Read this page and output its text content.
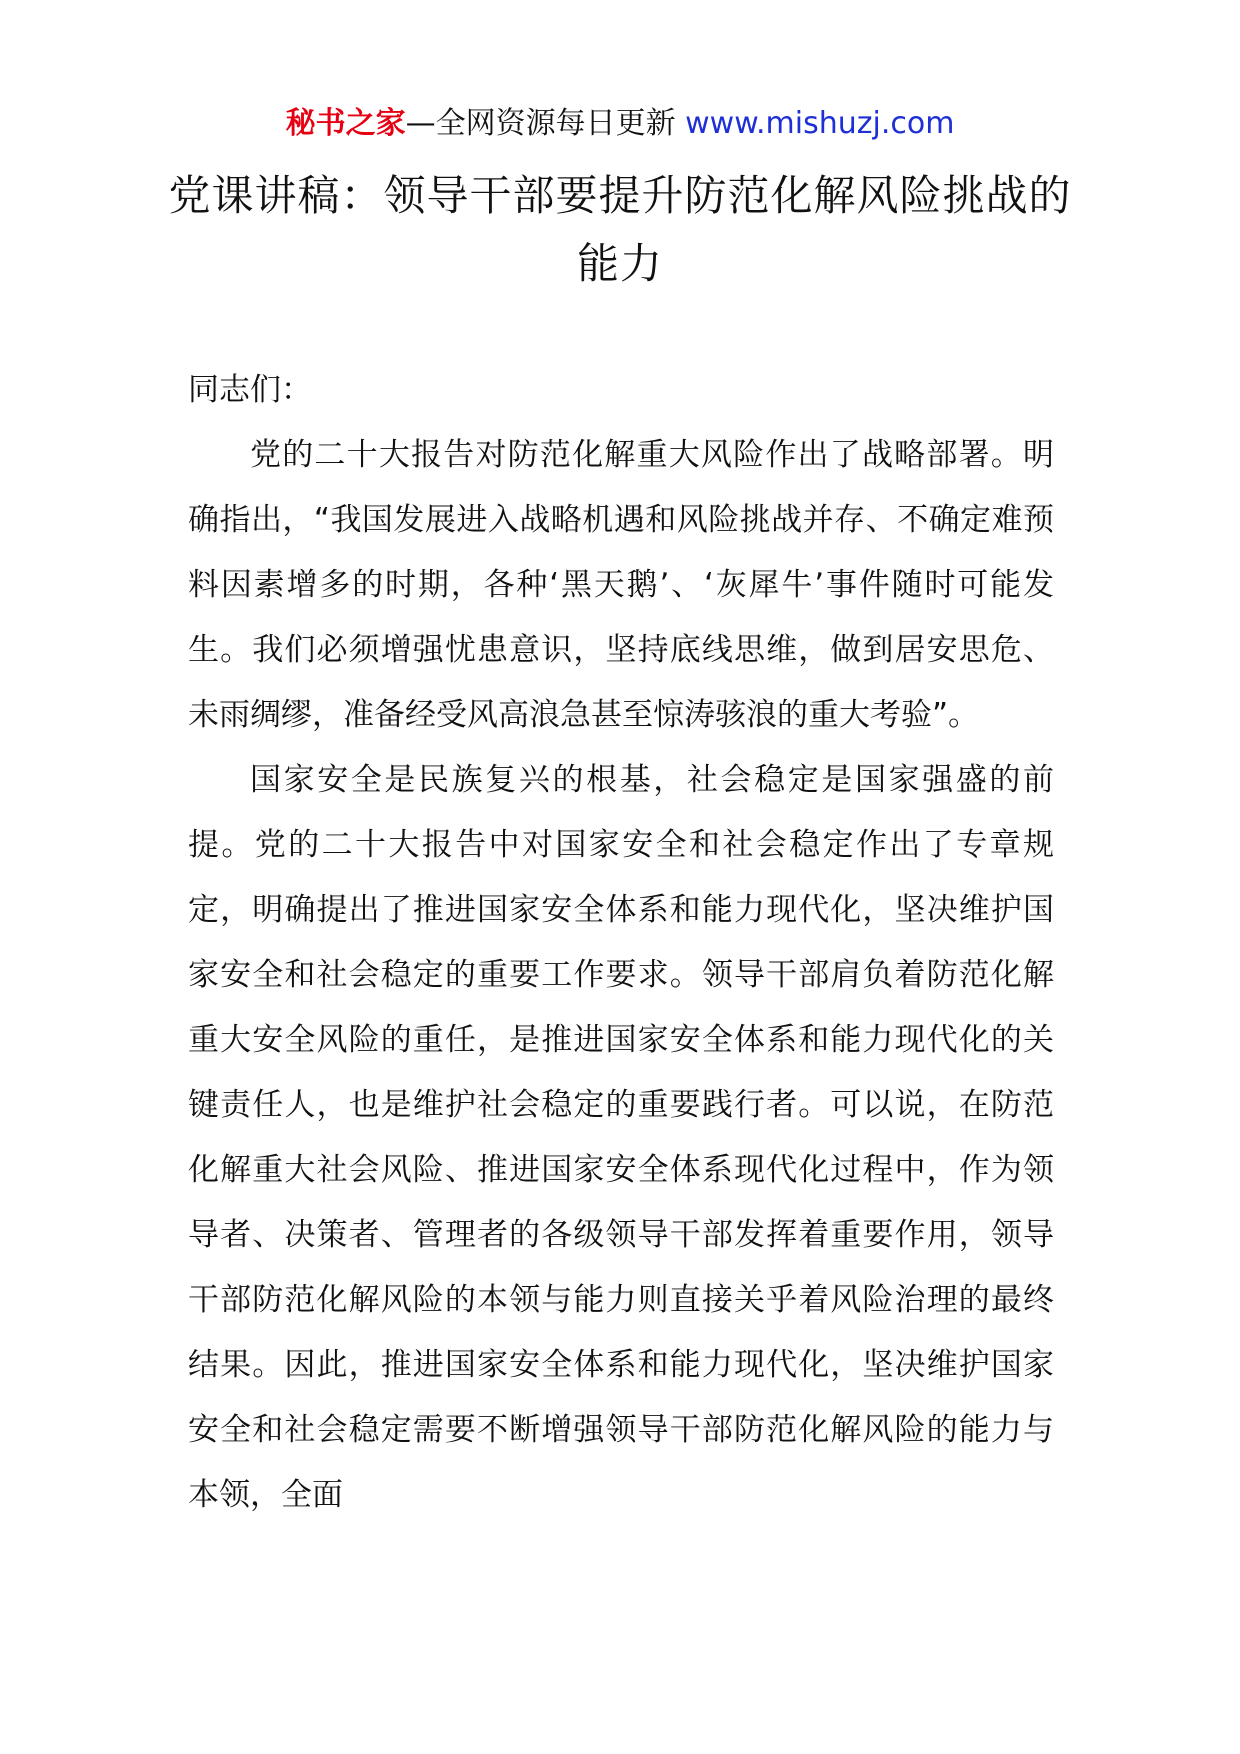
秘书之家—全网资源每日更新 www.mishuzj.com
党课讲稿：领导干部要提升防范化解风险挑战的能力

同志们：

党的二十大报告对防范化解重大风险作出了战略部署。明确指出，“我国发展进入战略机遇和风险挑战并存、不确定难预料因素增多的时期，各种‘黑天鹅’、‘灰犀牛’事件随时可能发生。我们必须增强忧患意识，坚持底线思维，做到居安思危、未雨绸缪，准备经受风高浪急甚至惊涛骇浪的重大考验”。

国家安全是民族复兴的根基，社会稳定是国家强盛的前提。党的二十大报告中对国家安全和社会稳定作出了专章规定，明确提出了推进国家安全体系和能力现代化，坚决维护国家安全和社会稳定的重要工作要求。领导干部肩负着防范化解重大安全风险的重任，是推进国家安全体系和能力现代化的关键责任人，也是维护社会稳定的重要践行者。可以说，在防范化解重大社会风险、推进国家安全体系现代化过程中，作为领导者、决策者、管理者的各级领导干部发挥着重要作用，领导干部防范化解风险的本领与能力则直接关乎着风险治理的最终结果。因此，推进国家安全体系和能力现代化，坚决维护国家安全和社会稳定需要不断增强领导干部防范化解风险的能力与本领，全面
